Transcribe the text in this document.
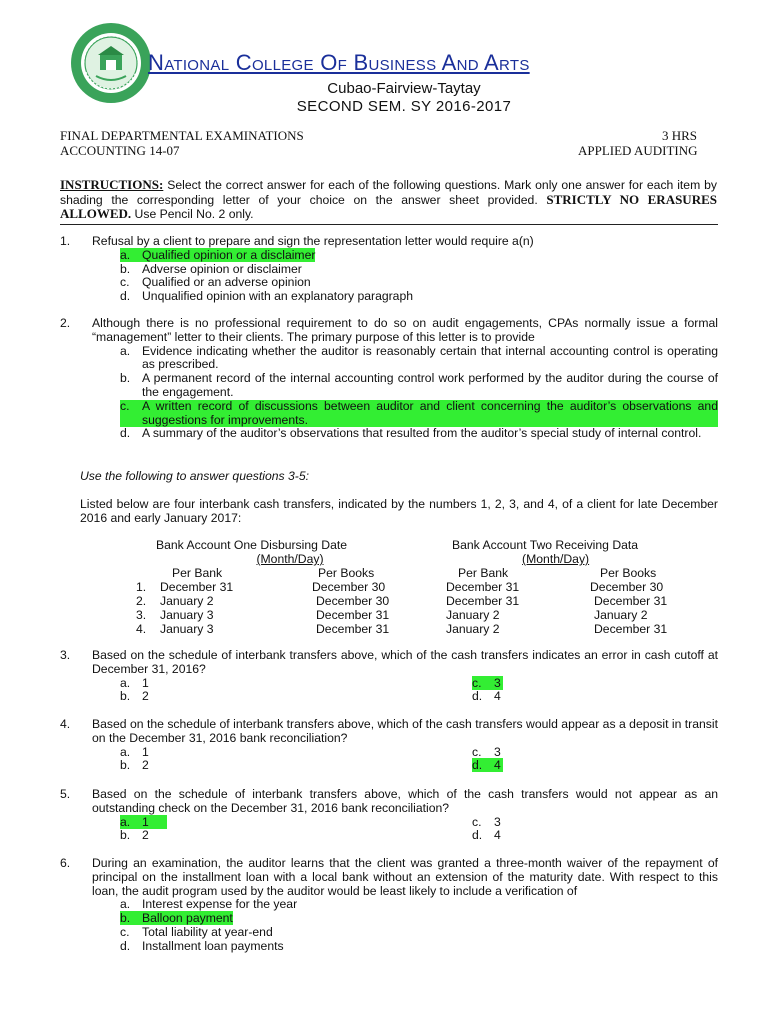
National College Of Business And Arts
Cubao-Fairview-Taytay
SECOND SEM. SY 2016-2017
FINAL DEPARTMENTAL EXAMINATIONS
ACCOUNTING 14-07
3 HRS
APPLIED AUDITING
INSTRUCTIONS: Select the correct answer for each of the following questions. Mark only one answer for each item by shading the corresponding letter of your choice on the answer sheet provided. STRICTLY NO ERASURES ALLOWED. Use Pencil No. 2 only.
1. Refusal by a client to prepare and sign the representation letter would require a(n)
a. Qualified opinion or a disclaimer
b. Adverse opinion or disclaimer
c. Qualified or an adverse opinion
d. Unqualified opinion with an explanatory paragraph
2. Although there is no professional requirement to do so on audit engagements, CPAs normally issue a formal “management” letter to their clients. The primary purpose of this letter is to provide
a. Evidence indicating whether the auditor is reasonably certain that internal accounting control is operating as prescribed.
b. A permanent record of the internal accounting control work performed by the auditor during the course of the engagement.
c. A written record of discussions between auditor and client concerning the auditor’s observations and suggestions for improvements.
d. A summary of the auditor’s observations that resulted from the auditor’s special study of internal control.
Use the following to answer questions 3-5:
Listed below are four interbank cash transfers, indicated by the numbers 1, 2, 3, and 4, of a client for late December 2016 and early January 2017:
Bank Account One Disbursing Date			Bank Account Two Receiving Data	
(Month/Day)			(Month/Day)	
	Per Bank	Per Books	Per Bank	Per Books
1.	December 31	December 30	December 31	December 30
2.	January 2	December 30	December 31	December 31
3.	January 3	December 31	January 2	January 2
4.	January 3	December 31	January 2	December 31
3. Based on the schedule of interbank transfers above, which of the cash transfers indicates an error in cash cutoff at December 31, 2016?
a. 1	c. 3
b. 2	d. 4
4. Based on the schedule of interbank transfers above, which of the cash transfers would appear as a deposit in transit on the December 31, 2016 bank reconciliation?
a. 1	c. 3
b. 2	d. 4
5. Based on the schedule of interbank transfers above, which of the cash transfers would not appear as an outstanding check on the December 31, 2016 bank reconciliation?
a. 1	c. 3
b. 2	d. 4
6. During an examination, the auditor learns that the client was granted a three-month waiver of the repayment of principal on the installment loan with a local bank without an extension of the maturity date. With respect to this loan, the audit program used by the auditor would be least likely to include a verification of
a. Interest expense for the year
b. Balloon payment
c. Total liability at year-end
d. Installment loan payments
